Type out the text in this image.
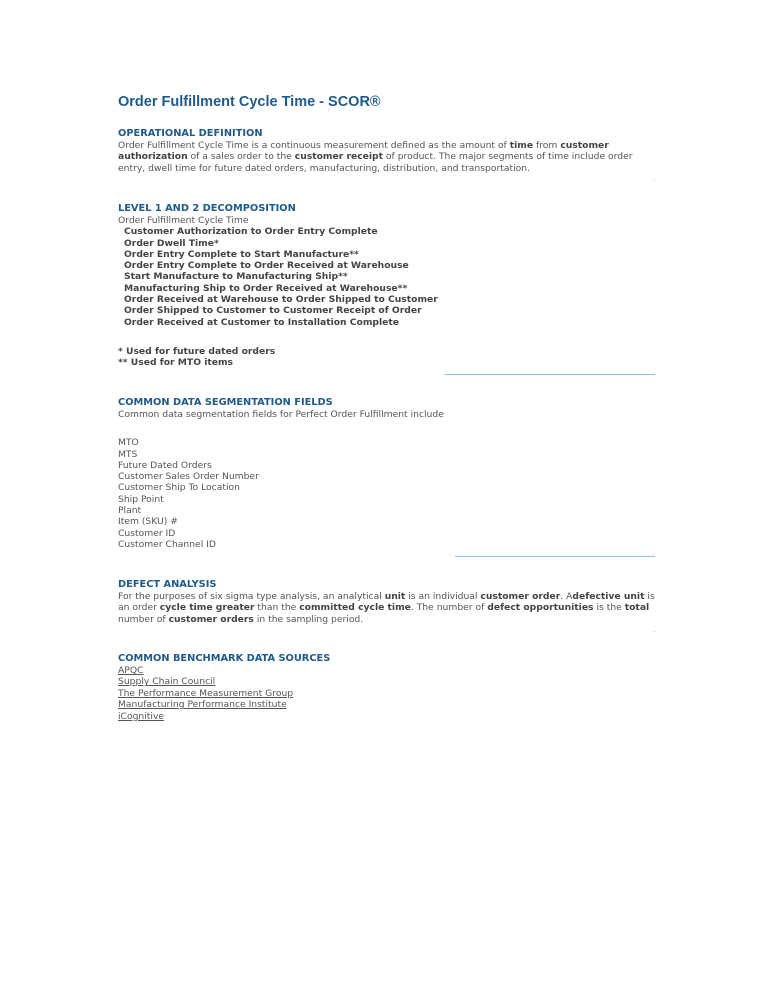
Order Fulfillment Cycle Time - SCOR®
OPERATIONAL DEFINITION
Order Fulfillment Cycle Time is a continuous measurement defined as the amount of time from customer authorization of a sales order to the customer receipt of product. The major segments of time include order entry, dwell time for future dated orders, manufacturing, distribution, and transportation.
LEVEL 1 AND 2 DECOMPOSITION
Order Fulfillment Cycle Time
Customer Authorization to Order Entry Complete
Order Dwell Time*
Order Entry Complete to Start Manufacture**
Order Entry Complete to Order Received at Warehouse
Start Manufacture to Manufacturing Ship**
Manufacturing Ship to Order Received at Warehouse**
Order Received at Warehouse to Order Shipped to Customer
Order Shipped to Customer to Customer Receipt of Order
Order Received at Customer to Installation Complete
* Used for future dated orders
** Used for MTO items
COMMON DATA SEGMENTATION FIELDS
Common data segmentation fields for Perfect Order Fulfillment include
MTO
MTS
Future Dated Orders
Customer Sales Order Number
Customer Ship To Location
Ship Point
Plant
Item (SKU) #
Customer ID
Customer Channel ID
DEFECT ANALYSIS
For the purposes of six sigma type analysis, an analytical unit is an individual customer order. Adefective unit is an order cycle time greater than the committed cycle time. The number of defect opportunities is the total number of customer orders in the sampling period.
COMMON BENCHMARK DATA SOURCES
APQC
Supply Chain Council
The Performance Measurement Group
Manufacturing Performance Institute
iCognitive
